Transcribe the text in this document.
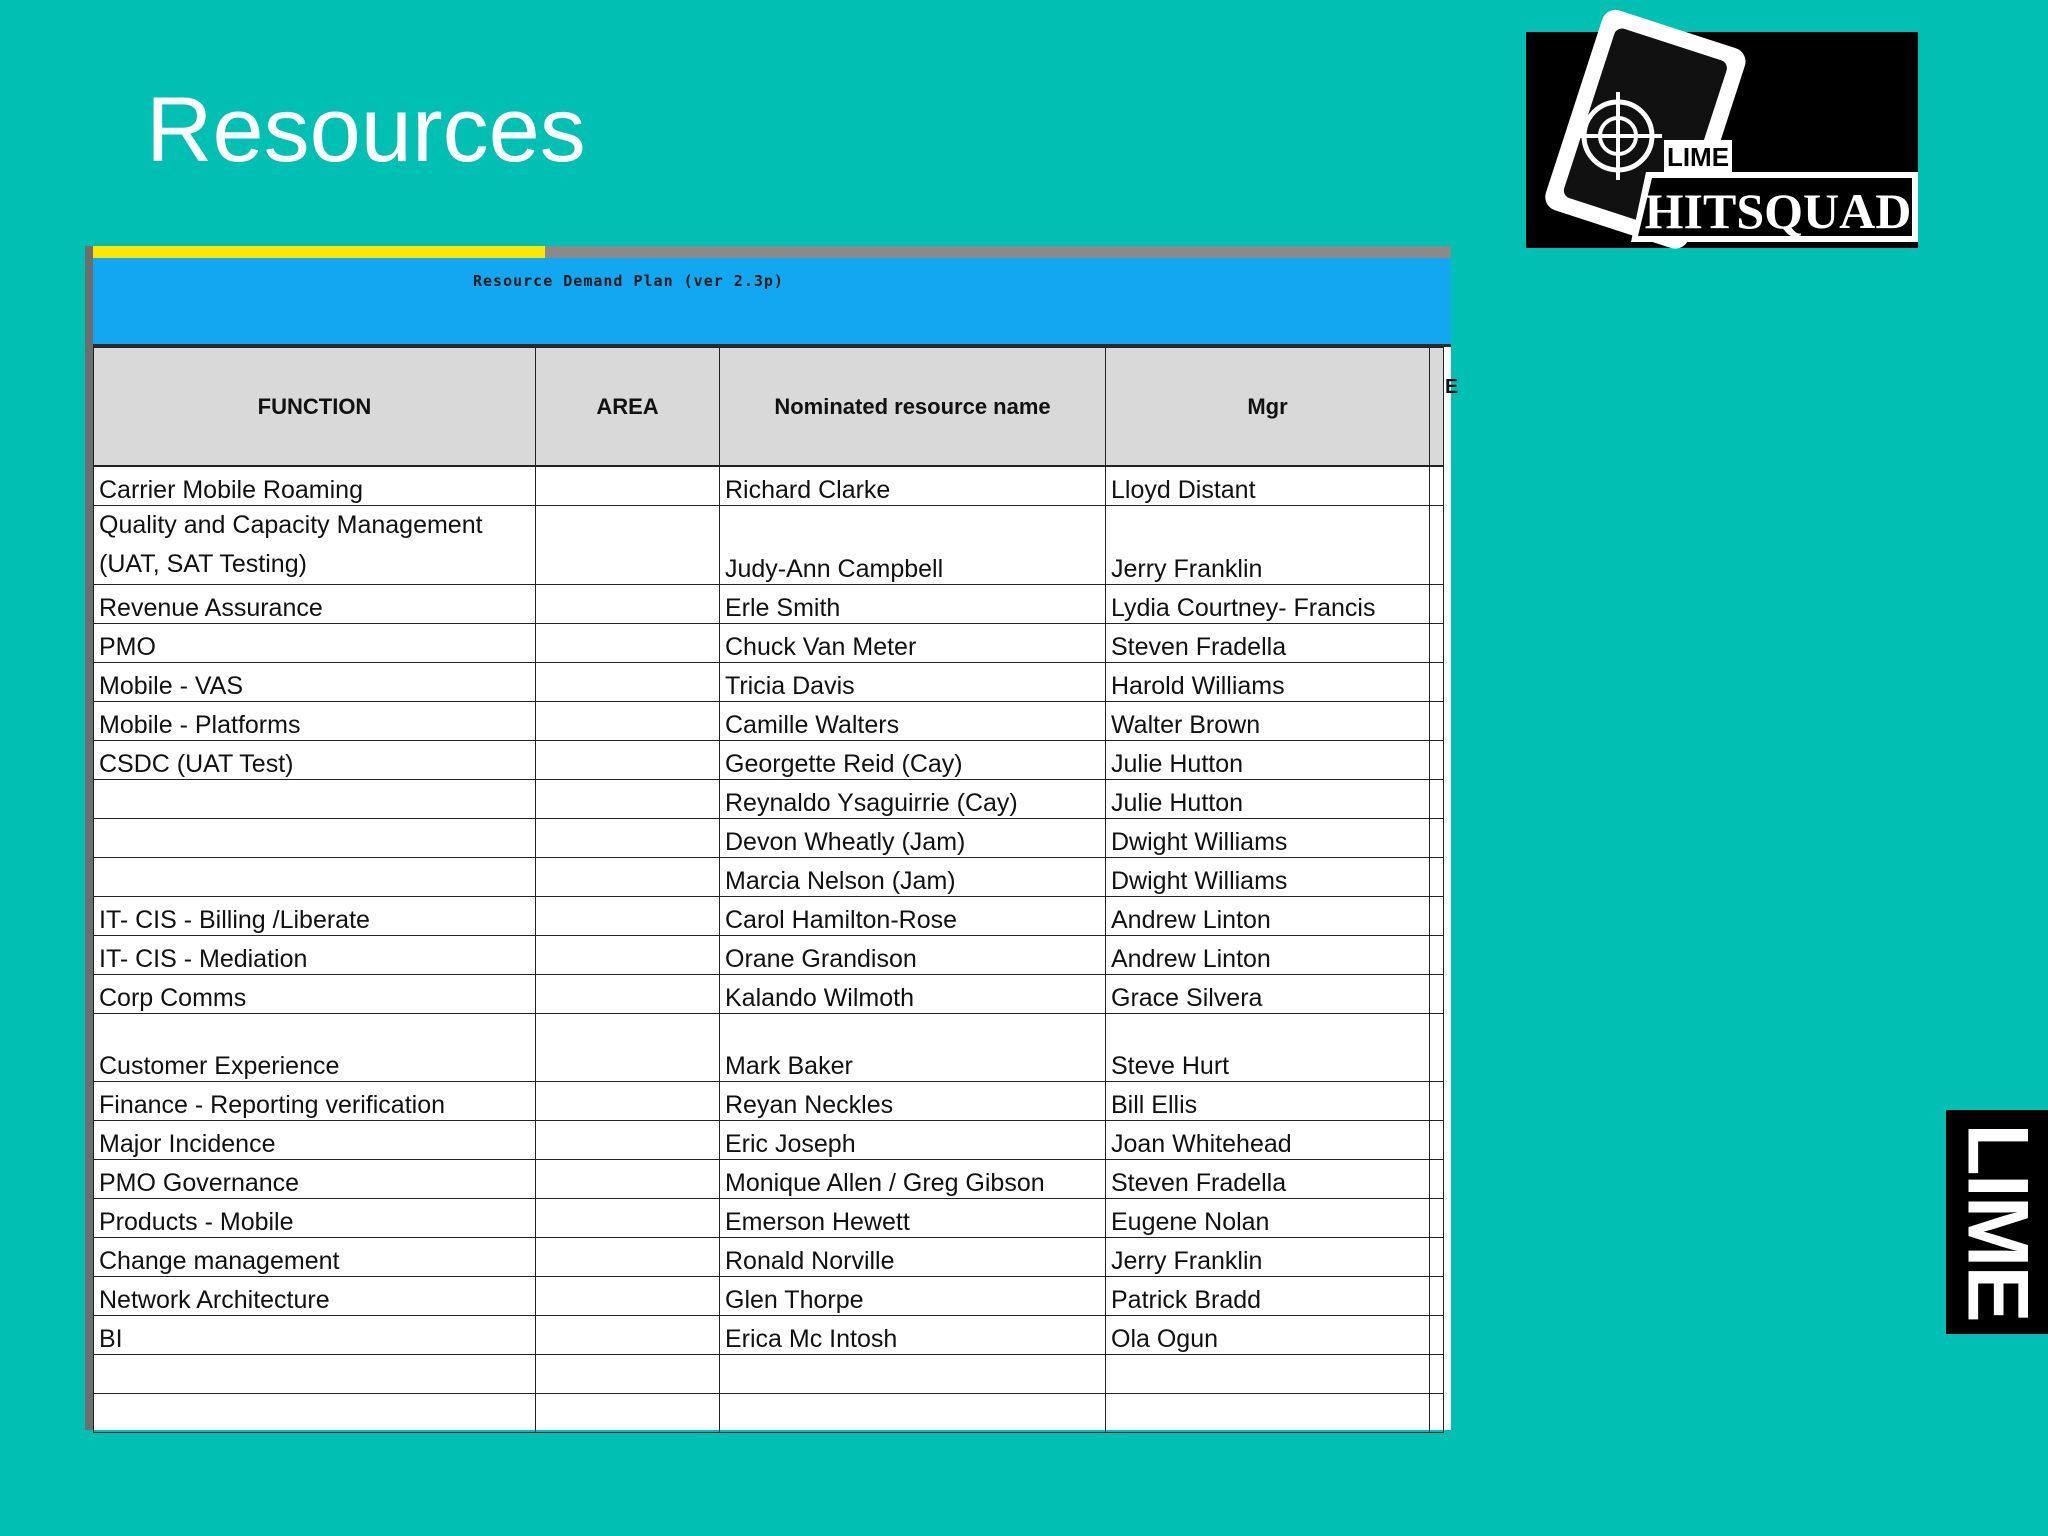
Resources	LIME
HITSQUAD
LIME
Resource Demand Plan (ver 2.3p)
FUNCTION	AREA	Nominated resource name	Mgr	
Carrier Mobile Roaming		Richard Clarke	Lloyd Distant	
Quality and Capacity Management (UAT, SAT Testing)		Judy-Ann Campbell	Jerry Franklin	
Revenue Assurance		Erle Smith	Lydia Courtney- Francis	
PMO		Chuck Van Meter	Steven Fradella	
Mobile - VAS		Tricia Davis	Harold Williams	
Mobile - Platforms		Camille Walters	Walter Brown	
CSDC (UAT Test)		Georgette Reid (Cay)	Julie Hutton	
		Reynaldo Ysaguirrie (Cay)	Julie Hutton	
		Devon Wheatly (Jam)	Dwight Williams	
		Marcia Nelson (Jam)	Dwight Williams	
IT- CIS - Billing /Liberate		Carol Hamilton-Rose	Andrew Linton	
IT- CIS - Mediation		Orane Grandison	Andrew Linton	
Corp Comms		Kalando Wilmoth	Grace Silvera	
Customer Experience		Mark Baker	Steve Hurt	
Finance - Reporting verification		Reyan Neckles	Bill Ellis	
Major Incidence		Eric Joseph	Joan Whitehead	
PMO Governance		Monique Allen / Greg Gibson	Steven Fradella	
Products - Mobile		Emerson Hewett	Eugene Nolan	
Change management		Ronald Norville	Jerry Franklin	
Network Architecture		Glen Thorpe	Patrick Bradd	
BI		Erica Mc Intosh	Ola Ogun	

E
